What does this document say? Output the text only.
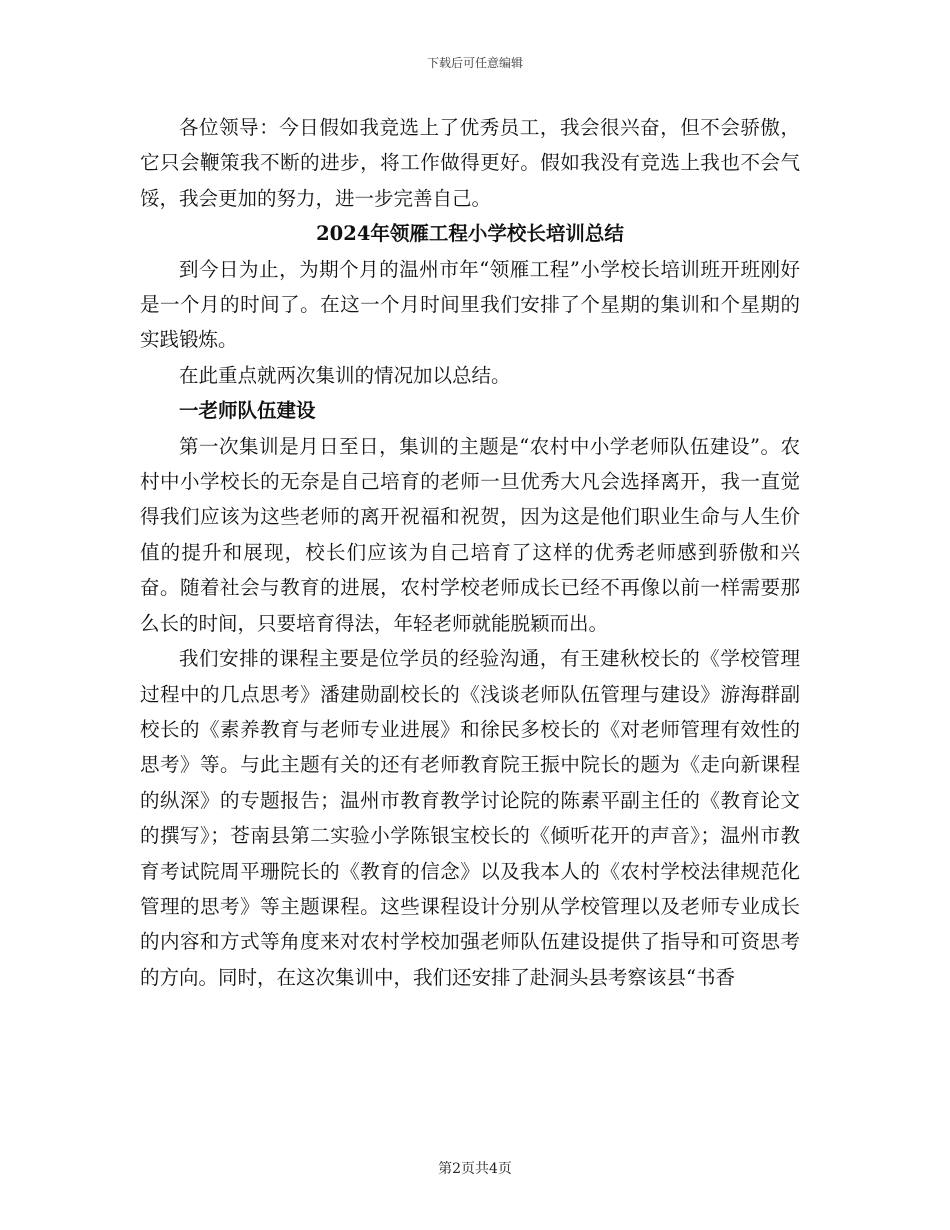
下载后可任意编辑

各位领导：今日假如我竞选上了优秀员工，我会很兴奋，但不会骄傲，它只会鞭策我不断的进步，将工作做得更好。假如我没有竞选上我也不会气馁，我会更加的努力，进一步完善自己。

2024年领雁工程小学校长培训总结

到今日为止，为期个月的温州市年“领雁工程”小学校长培训班开班刚好是一个月的时间了。在这一个月时间里我们安排了个星期的集训和个星期的实践锻炼。

在此重点就两次集训的情况加以总结。

一老师队伍建设

第一次集训是月日至日，集训的主题是“农村中小学老师队伍建设”。农村中小学校长的无奈是自己培育的老师一旦优秀大凡会选择离开，我一直觉得我们应该为这些老师的离开祝福和祝贺，因为这是他们职业生命与人生价值的提升和展现，校长们应该为自己培育了这样的优秀老师感到骄傲和兴奋。随着社会与教育的进展，农村学校老师成长已经不再像以前一样需要那么长的时间，只要培育得法，年轻老师就能脱颖而出。

我们安排的课程主要是位学员的经验沟通，有王建秋校长的《学校管理过程中的几点思考》潘建勋副校长的《浅谈老师队伍管理与建设》游海群副校长的《素养教育与老师专业进展》和徐民多校长的《对老师管理有效性的思考》等。与此主题有关的还有老师教育院王振中院长的题为《走向新课程的纵深》的专题报告；温州市教育教学讨论院的陈素平副主任的《教育论文的撰写》；苍南县第二实验小学陈银宝校长的《倾听花开的声音》；温州市教育考试院周平珊院长的《教育的信念》以及我本人的《农村学校法律规范化管理的思考》等主题课程。这些课程设计分别从学校管理以及老师专业成长的内容和方式等角度来对农村学校加强老师队伍建设提供了指导和可资思考的方向。同时，在这次集训中，我们还安排了赴洞头县考察该县“书香

第2页共4页
